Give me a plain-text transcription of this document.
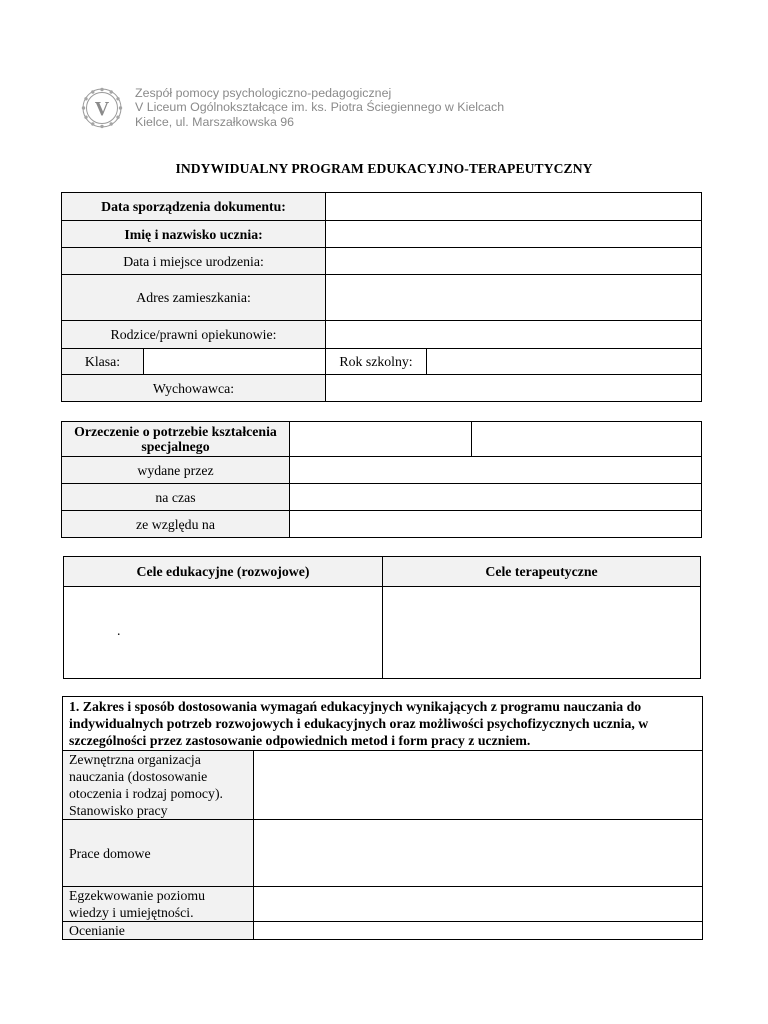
V
Zespół pomocy psychologiczno-pedagogicznej
V Liceum Ogólnokształcące im. ks. Piotra Ściegiennego w Kielcach
Kielce, ul. Marszałkowska 96
INDYWIDUALNY PROGRAM EDUKACYJNO-TERAPEUTYCZNY
Data sporządzenia dokumentu:			
Imię i nazwisko ucznia:			
Data i miejsce urodzenia:			
Adres zamieszkania:			
Rodzice/prawni opiekunowie:			
Klasa:		Rok szkolny:	
Wychowawca:			
Orzeczenie o potrzebie kształcenia specjalnego		
wydane przez		
na czas		
ze względu na		
Cele edukacyjne (rozwojowe)	Cele terapeutyczne

.	

1. Zakres i sposób dostosowania wymagań edukacyjnych wynikających z programu nauczania do indywidualnych potrzeb rozwojowych i edukacyjnych oraz możliwości psychofizycznych ucznia, w szczególności przez zastosowanie odpowiednich metod i form pracy z uczniem.	
Zewnętrzna organizacja nauczania (dostosowanie otoczenia i rodzaj pomocy). Stanowisko pracy	
Prace domowe	
Egzekwowanie poziomu wiedzy i umiejętności.	
Ocenianie	
